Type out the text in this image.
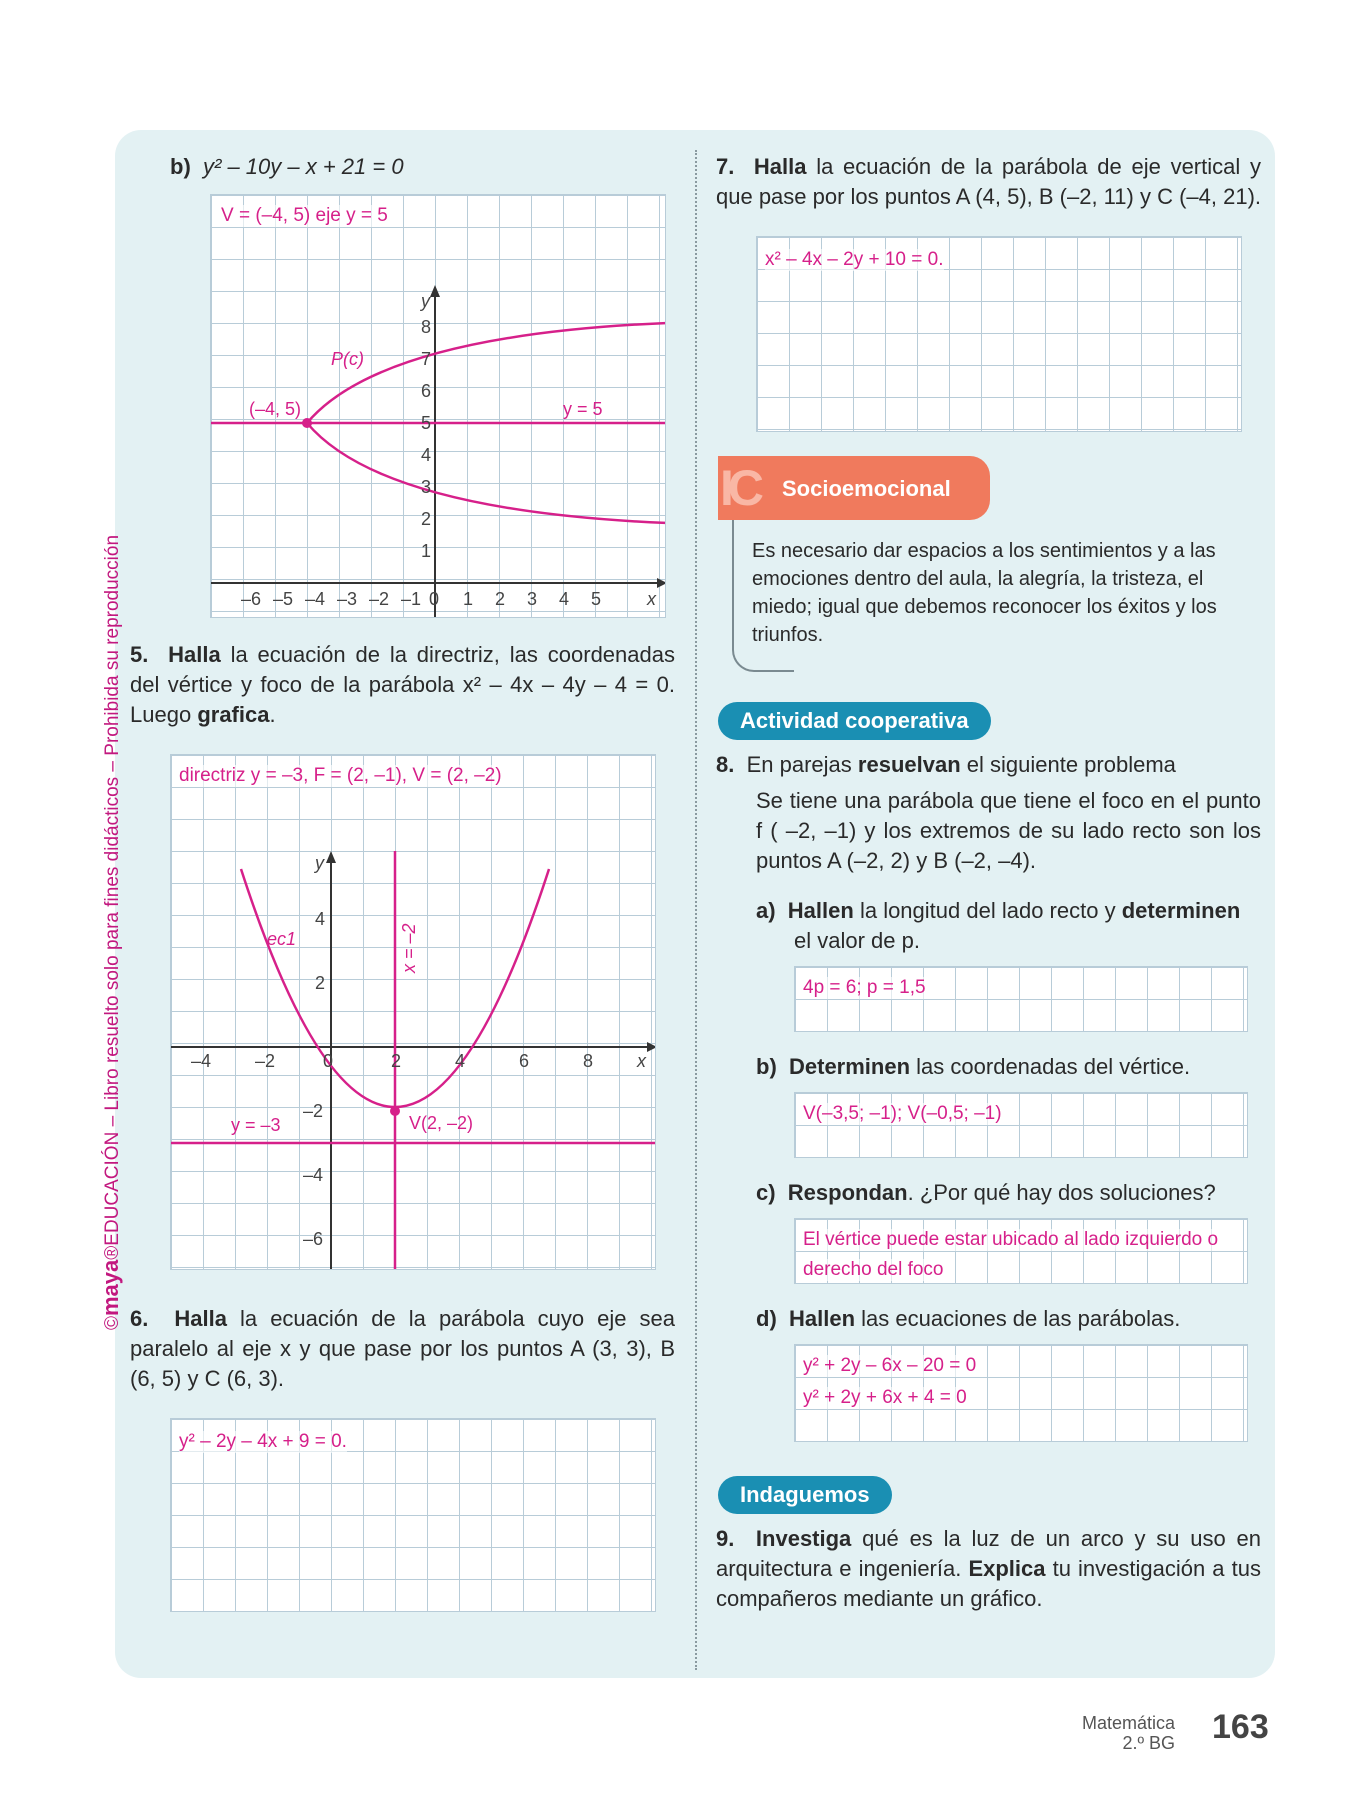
©maya®EDUCACIÓN – Libro resuelto solo para fines didácticos – Prohibida su reproducción
b) y² – 10y – x + 21 = 0
V = (–4, 5) eje y = 5
–6 –5 –4 –3 –2 –1 0 1 2 3 4 5	x
1
2
3
4
5
6
7
8
y
(–4, 5)
P(c)
y = 5
5. Halla la ecuación de la directriz, las coordenadas del vértice y foco de la parábola x² – 4x – 4y – 4 = 0. Luego grafica.
directriz y = –3, F = (2, –1), V = (2, –2)
–4 –2	0	2	4	6	8 x
4
2
–2
–4
–6
y
ec1	x = –2
y = –3	V(2, –2)
6. Halla la ecuación de la parábola cuyo eje sea paralelo al eje x y que pase por los puntos A (3, 3), B (6, 5) y C (6, 3).
y² – 2y – 4x + 9 = 0.
7. Halla la ecuación de la parábola de eje vertical y que pase por los puntos A (4, 5), B (–2, 11) y C (–4, 21).
x² – 4x – 2y + 10 = 0.
IC Socioemocional
Es necesario dar espacios a los sentimientos y a las emociones dentro del aula, la alegría, la tristeza, el miedo; igual que debemos reconocer los éxitos y los triunfos.
Actividad cooperativa
8. En parejas resuelvan el siguiente problema
Se tiene una parábola que tiene el foco en el punto f ( –2, –1) y los extremos de su lado recto son los puntos A (–2, 2) y B (–2, –4).
a) Hallen la longitud del lado recto y determinen
el valor de p.
4p = 6; p = 1,5
b) Determinen las coordenadas del vértice.
V(–3,5; –1); V(–0,5; –1)
c) Respondan. ¿Por qué hay dos soluciones?
El vértice puede estar ubicado al lado izquierdo o
derecho del foco
d) Hallen las ecuaciones de las parábolas.
y² + 2y – 6x – 20 = 0
y² + 2y + 6x + 4 = 0
Indaguemos
9. Investiga qué es la luz de un arco y su uso en arquitectura e ingeniería. Explica tu investigación a tus compañeros mediante un gráfico.
Matemática
2.º BG 163
